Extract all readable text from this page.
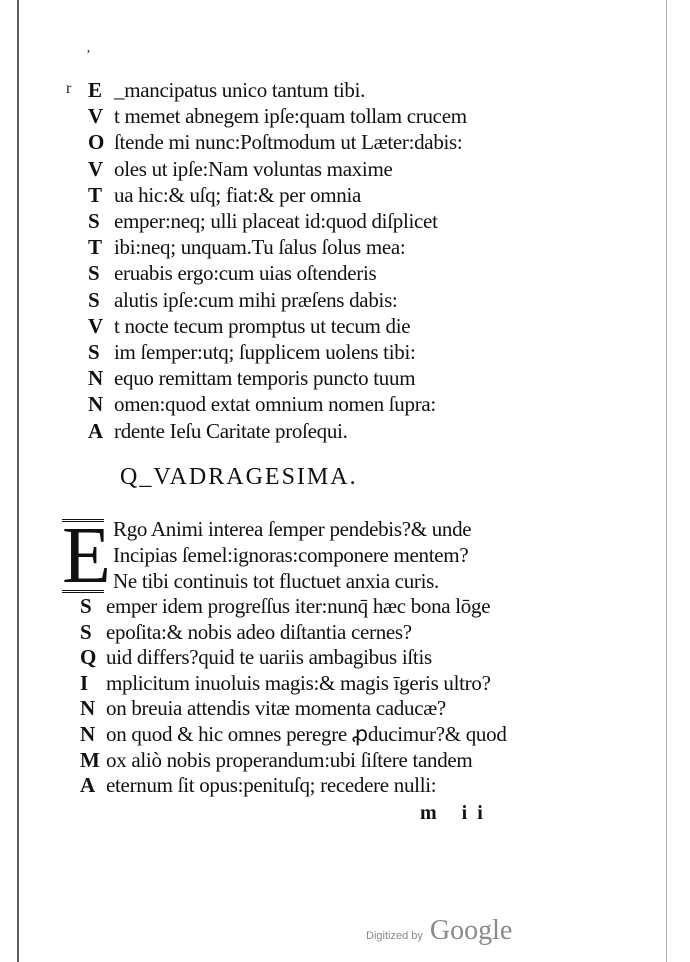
’
r E _mancipatus unico tantum tibi.
V t memet abnegem ipſe:quam tollam crucem
O ſtende mi nunc:Poſtmodum ut Læter:dabis:
V oles ut ipſe:Nam voluntas maxime
T ua hic:& uſq; fiat:& per omnia
S emper:neq; ulli placeat id:quod diſplicet
T ibi:neq; unquam.Tu ſalus ſolus mea:
S eruabis ergo:cum uias oſtenderis
S alutis ipſe:cum mihi præſens dabis:
V t nocte tecum promptus ut tecum die
S im ſemper:utq; ſupplicem uolens tibi:
N equo remittam temporis puncto tuum
N omen:quod extat omnium nomen ſupra:
A rdente Ieſu Caritate proſequi.
Q_VADRAGESIMA.
E Rgo Animi interea ſemper pendebis?& unde
Incipias ſemel:ignoras:componere mentem?
Ne tibi continuis tot fluctuet anxia curis.
S emper idem progreſſus iter:nunq̄ hæc bona lōge
S epoſita:& nobis adeo diſtantia cernes?
Q uid differs?quid te uariis ambagibus iſtis
I mplicitum inuoluis magis:& magis īgeris ultro?
N on breuia attendis vitæ momenta caducæ?
N on quod & hic omnes peregre ꝓducimur?& quod
M ox aliò nobis properandum:ubi ſiſtere tandem
A eternum ſit opus:penituſq; recedere nulli:
m ii
Digitized by Google
